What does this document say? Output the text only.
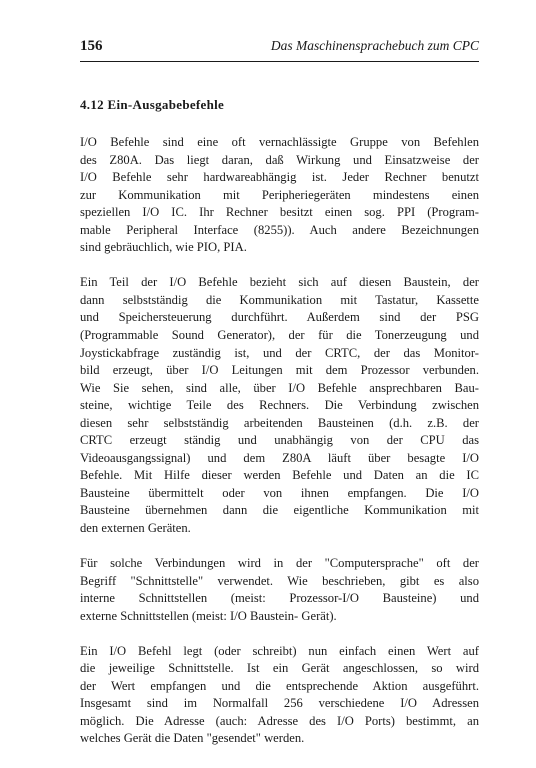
156	Das Maschinensprachebuch zum CPC
4.12 Ein-Ausgabebefehle

I/O Befehle sind eine oft vernachlässigte Gruppe von Befehlen
des Z80A. Das liegt daran, daß Wirkung und Einsatzweise der
I/O Befehle sehr hardwareabhängig ist. Jeder Rechner benutzt
zur Kommunikation mit Peripheriegeräten mindestens einen
speziellen I/O IC. Ihr Rechner besitzt einen sog. PPI (Program-
mable Peripheral Interface (8255)). Auch andere Bezeichnungen
sind gebräuchlich, wie PIO, PIA.

Ein Teil der I/O Befehle bezieht sich auf diesen Baustein, der
dann selbstständig die Kommunikation mit Tastatur, Kassette
und Speichersteuerung durchführt. Außerdem sind der PSG
(Programmable Sound Generator), der für die Tonerzeugung und
Joystickabfrage zuständig ist, und der CRTC, der das Monitor-
bild erzeugt, über I/O Leitungen mit dem Prozessor verbunden.
Wie Sie sehen, sind alle, über I/O Befehle ansprechbaren Bau-
steine, wichtige Teile des Rechners. Die Verbindung zwischen
diesen sehr selbstständig arbeitenden Bausteinen (d.h. z.B. der
CRTC erzeugt ständig und unabhängig von der CPU das
Videoausgangssignal) und dem Z80A läuft über besagte I/O
Befehle. Mit Hilfe dieser werden Befehle und Daten an die IC
Bausteine übermittelt oder von ihnen empfangen. Die I/O
Bausteine übernehmen dann die eigentliche Kommunikation mit
den externen Geräten.

Für solche Verbindungen wird in der "Computersprache" oft der
Begriff "Schnittstelle" verwendet. Wie beschrieben, gibt es also
interne Schnittstellen (meist: Prozessor-I/O Bausteine) und
externe Schnittstellen (meist: I/O Baustein- Gerät).

Ein I/O Befehl legt (oder schreibt) nun einfach einen Wert auf
die jeweilige Schnittstelle. Ist ein Gerät angeschlossen, so wird
der Wert empfangen und die entsprechende Aktion ausgeführt.
Insgesamt sind im Normalfall 256 verschiedene I/O Adressen
möglich. Die Adresse (auch: Adresse des I/O Ports) bestimmt, an
welches Gerät die Daten "gesendet" werden.
